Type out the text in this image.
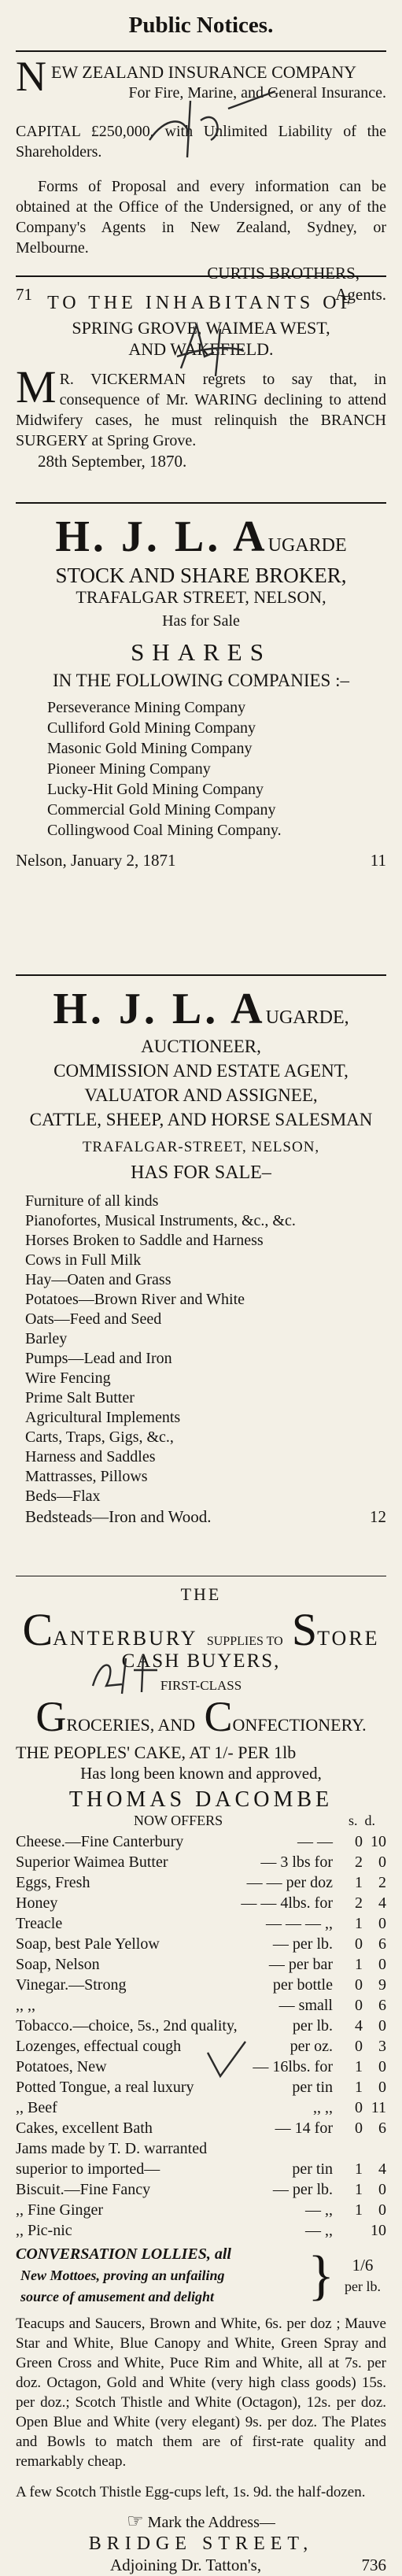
Public Notices.
N EW ZEALAND INSURANCE COMPANY
For Fire, Marine, and General Insurance.
CAPITAL £250,000, with Unlimited Liability of the Shareholders.
Forms of Proposal and every information can be obtained at the Office of the Undersigned, or any of the Company's Agents in New Zealand, Sydney, or Melbourne.
CURTIS BROTHERS,
71	Agents.
TO THE INHABITANTS OF
SPRING GROVE, WAIMEA WEST,
AND WAKEFIELD.
M R. VICKERMAN regrets to say that, in consequence of Mr. WARING declining to attend Midwifery cases, he must relinquish the BRANCH SURGERY at Spring Grove.
28th September, 1870.
H. J. L. AUGARDE
STOCK AND SHARE BROKER,
TRAFALGAR STREET, NELSON,
Has for Sale
SHARES
IN THE FOLLOWING COMPANIES :–
Perseverance Mining Company
Culliford Gold Mining Company
Masonic Gold Mining Company
Pioneer Mining Company
Lucky-Hit Gold Mining Company
Commercial Gold Mining Company
Collingwood Coal Mining Company.
Nelson, January 2, 1871	11
H. J. L. AUGARDE,
AUCTIONEER,
COMMISSION AND ESTATE AGENT,
VALUATOR AND ASSIGNEE,
CATTLE, SHEEP, AND HORSE SALESMAN
TRAFALGAR-STREET, NELSON,
HAS FOR SALE–
Furniture of all kinds
Pianofortes, Musical Instruments, &c., &c.
Horses Broken to Saddle and Harness
Cows in Full Milk
Hay—Oaten and Grass
Potatoes—Brown River and White
Oats—Feed and Seed
Barley
Pumps—Lead and Iron
Wire Fencing
Prime Salt Butter
Agricultural Implements
Carts, Traps, Gigs, &c.,
Harness and Saddles
Mattrasses, Pillows
Beds—Flax
Bedsteads—Iron and Wood.	12
THE
CANTERBURY SUPPLIES TO STORE
CASH BUYERS,
FIRST-CLASS
GROCERIES, AND CONFECTIONERY.
THE PEOPLES' CAKE, AT 1/- PER 1lb
Has long been known and approved,
THOMAS DACOMBE
NOW OFFERS	s. d.
Cheese.—Fine Canterbury	— —	0 10
Superior Waimea Butter	— 3 lbs for	2	0
Eggs, Fresh	— — per doz	1	2
Honey	— — 4lbs. for	2	4
Treacle	— — — ,,	1	0
Soap, best Pale Yellow	— per lb.	0	6
Soap, Nelson	— per bar	1	0
Vinegar.—Strong	per bottle	0	9
,, ,,	— small	0	6
Tobacco.—choice, 5s., 2nd quality,	per lb.	4	0
Lozenges, effectual cough	per oz.	0	3
Potatoes, New	— 16lbs. for	1	0
Potted Tongue, a real luxury	per tin	1	0
,, Beef	,, ,,	0 11
Cakes, excellent Bath	— 14 for	0	6
Jams made by T. D. warranted
superior to imported—	per tin	1	4
Biscuit.—Fine Fancy	— per lb.	1	0
,, Fine Ginger	— ,,	1	0
,, Pic-nic	— ,,	10
CONVERSATION LOLLIES, all
New Mottoes, proving an unfailing
source of amusement and delight	}	1/6
per lb.
Teacups and Saucers, Brown and White, 6s. per doz ; Mauve Star and White, Blue Canopy and White, Green Spray and Green Cross and White, Puce Rim and White, all at 7s. per doz. Octagon, Gold and White (very high class goods) 15s. per doz.; Scotch Thistle and White (Octagon), 12s. per doz. Open Blue and White (very elegant) 9s. per doz. The Plates and Bowls to match them are of first-rate quality and remarkably cheap.
A few Scotch Thistle Egg-cups left, 1s. 9d. the half-dozen.
☞ Mark the Address—
BRIDGE STREET,
Adjoining Dr. Tatton's,	736
